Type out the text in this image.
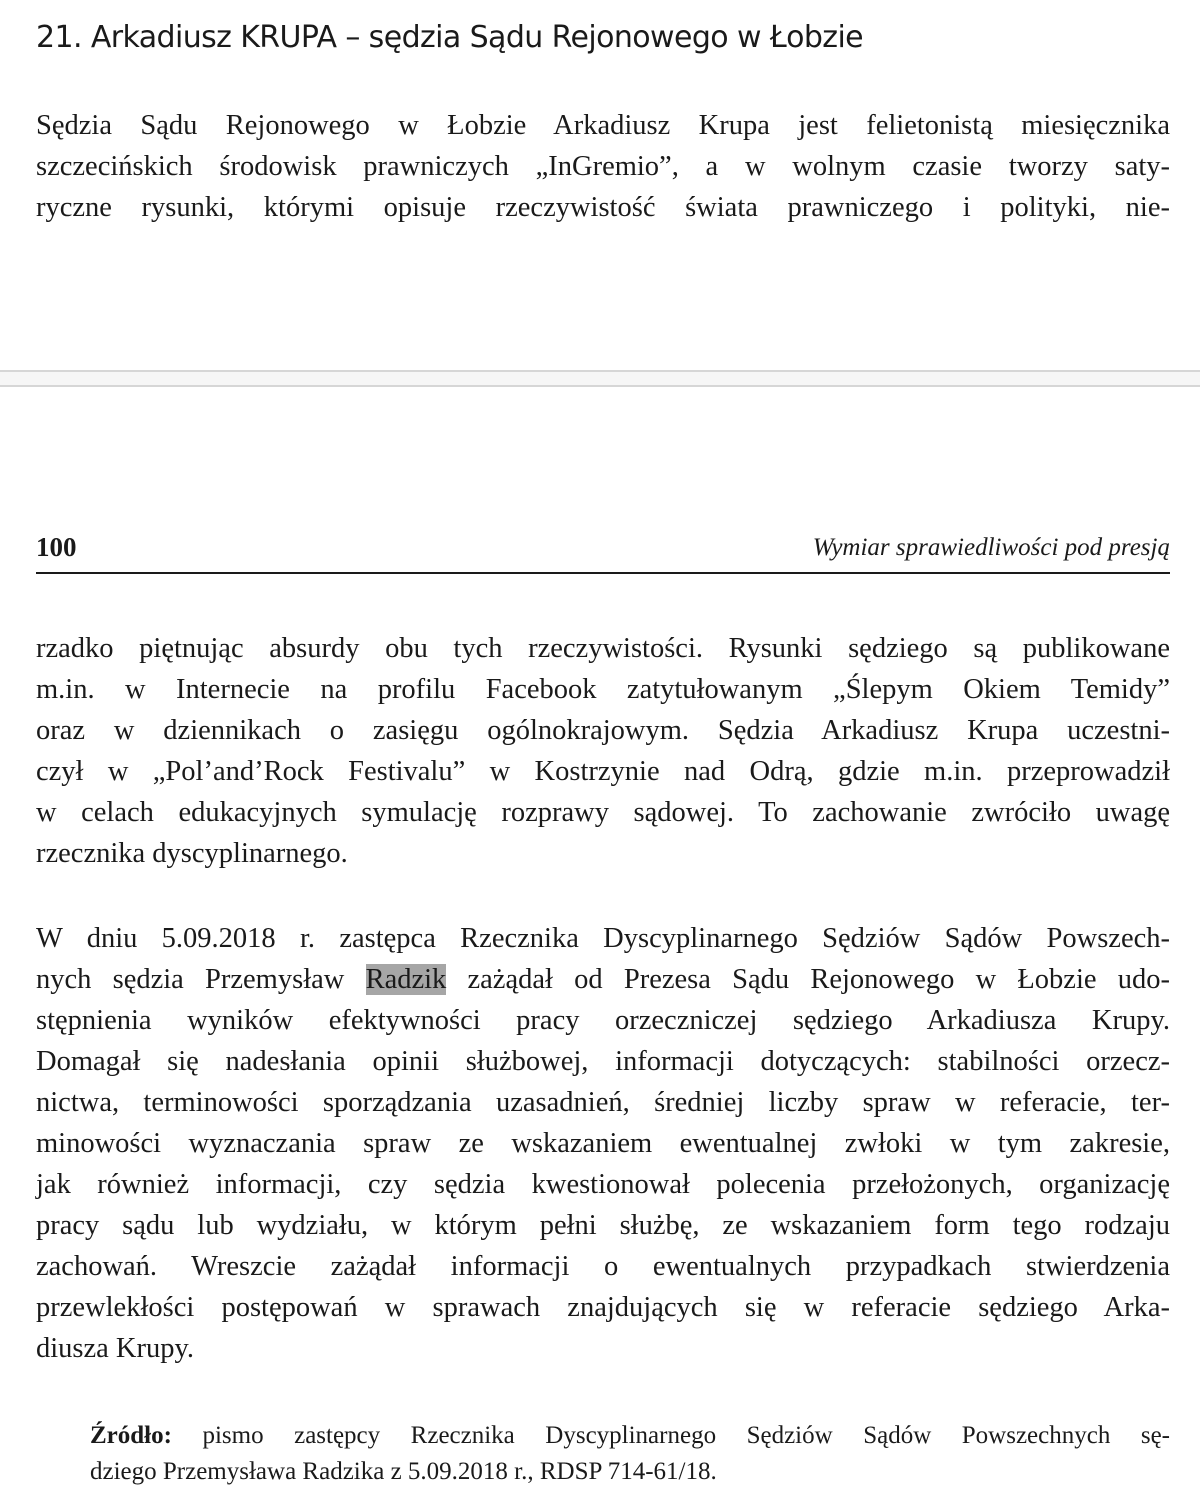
21. Arkadiusz KRUPA – sędzia Sądu Rejonowego w Łobzie

Sędzia Sądu Rejonowego w Łobzie Arkadiusz Krupa jest felietonistą miesięcznika
szczecińskich środowisk prawniczych „InGremio”, a w wolnym czasie tworzy saty-
ryczne rysunki, którymi opisuje rzeczywistość świata prawniczego i polityki, nie-

100	Wymiar sprawiedliwości pod presją

rzadko piętnując absurdy obu tych rzeczywistości. Rysunki sędziego są publikowane
m.in. w Internecie na profilu Facebook zatytułowanym „Ślepym Okiem Temidy”
oraz w dziennikach o zasięgu ogólnokrajowym. Sędzia Arkadiusz Krupa uczestni-
czył w „Pol’and’Rock Festivalu” w Kostrzynie nad Odrą, gdzie m.in. przeprowadził
w celach edukacyjnych symulację rozprawy sądowej. To zachowanie zwróciło uwagę
rzecznika dyscyplinarnego.

W dniu 5.09.2018 r. zastępca Rzecznika Dyscyplinarnego Sędziów Sądów Powszech-
nych sędzia Przemysław Radzik zażądał od Prezesa Sądu Rejonowego w Łobzie udo-
stępnienia wyników efektywności pracy orzeczniczej sędziego Arkadiusza Krupy.
Domagał się nadesłania opinii służbowej, informacji dotyczących: stabilności orzecz-
nictwa, terminowości sporządzania uzasadnień, średniej liczby spraw w referacie, ter-
minowości wyznaczania spraw ze wskazaniem ewentualnej zwłoki w tym zakresie,
jak również informacji, czy sędzia kwestionował polecenia przełożonych, organizację
pracy sądu lub wydziału, w którym pełni służbę, ze wskazaniem form tego rodzaju
zachowań. Wreszcie zażądał informacji o ewentualnych przypadkach stwierdzenia
przewlekłości postępowań w sprawach znajdujących się w referacie sędziego Arka-
diusza Krupy.

Źródło: pismo zastępcy Rzecznika Dyscyplinarnego Sędziów Sądów Powszechnych sę-
dziego Przemysława Radzika z 5.09.2018 r., RDSP 714-61/18.
